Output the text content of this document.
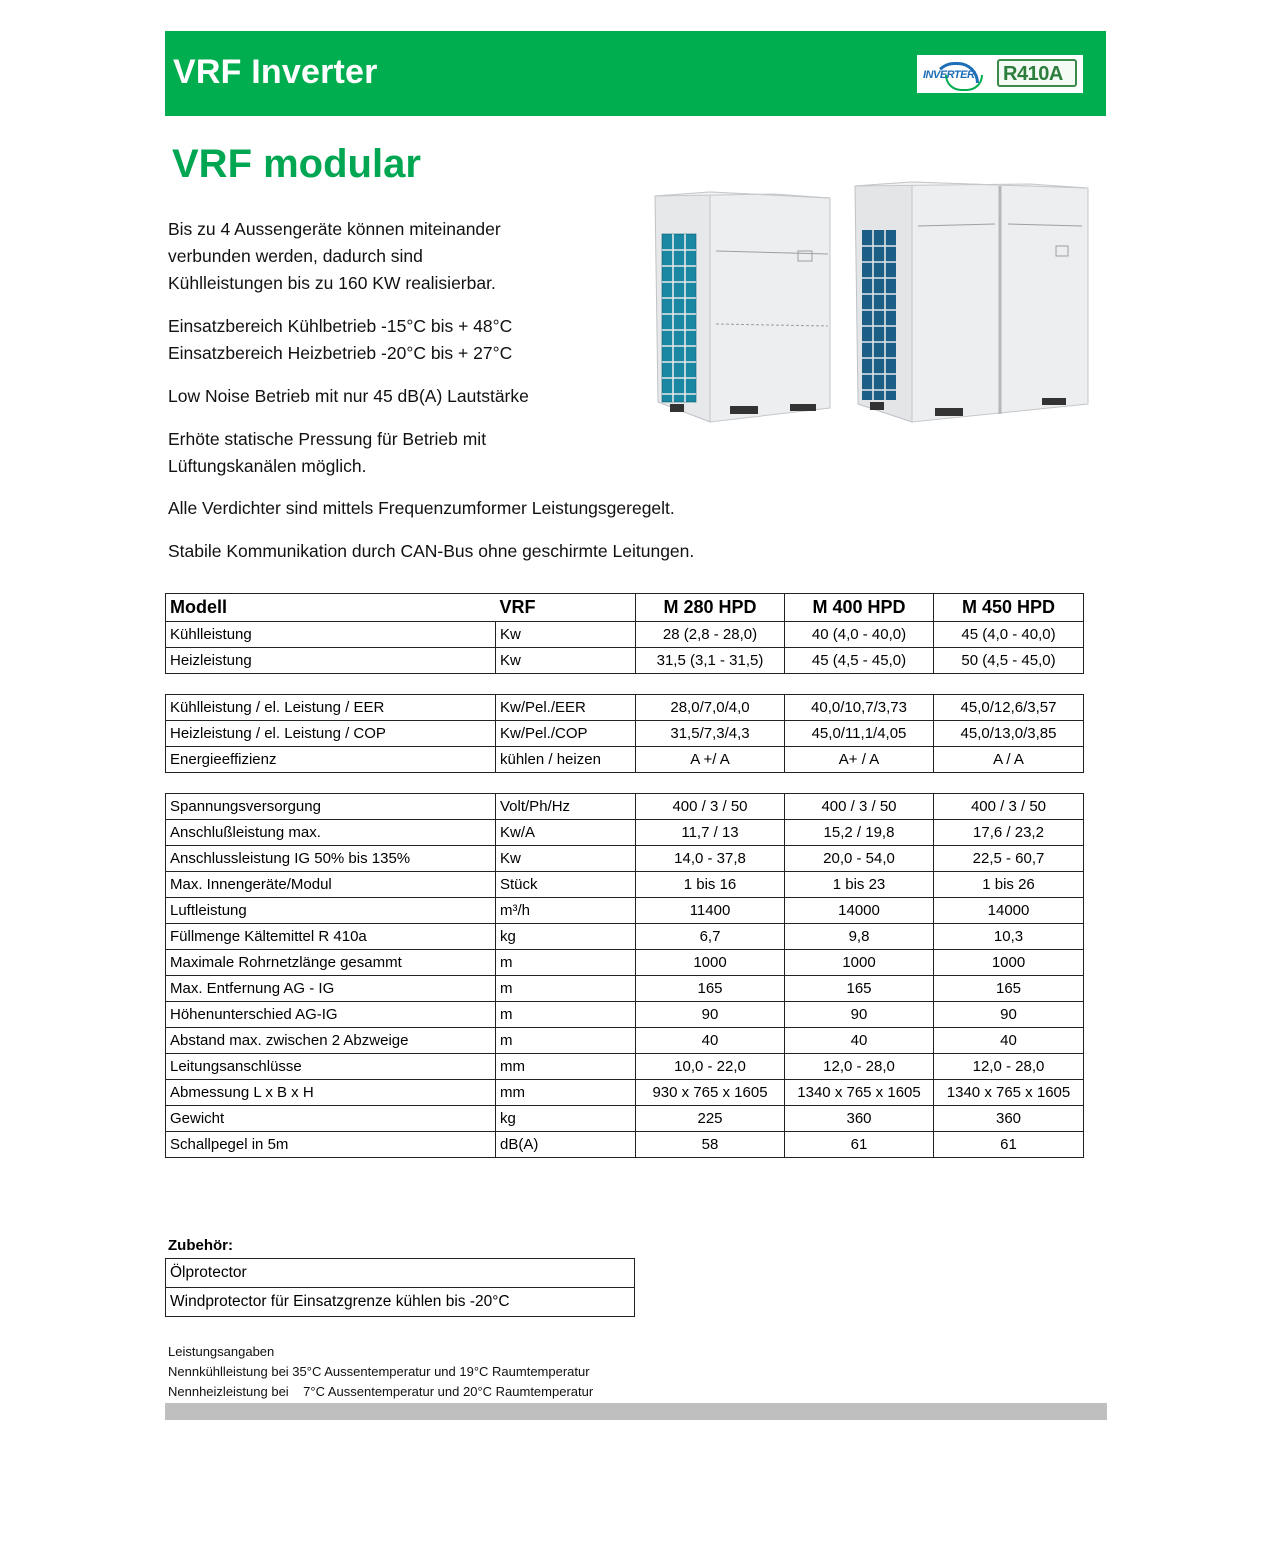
VRF Inverter	INVERTER R410A
VRF modular

Bis zu 4 Aussengeräte können miteinander

verbunden werden, dadurch sind

Kühlleistungen bis zu 160 KW realisierbar.

Einsatzbereich Kühlbetrieb -15°C bis + 48°C

Einsatzbereich Heizbetrieb -20°C bis + 27°C

Low Noise Betrieb mit nur 45 dB(A) Lautstärke

Erhöte statische Pressung für Betrieb mit

Lüftungskanälen möglich.

Alle Verdichter sind mittels Frequenzumformer Leistungsgeregelt.

Stabile Kommunikation durch CAN-Bus ohne geschirmte Leitungen.

Modell	VRF	M 280 HPD	M 400 HPD	M 450 HPD
Kühlleistung	Kw	28 (2,8 - 28,0)	40 (4,0 - 40,0)	45 (4,0 - 40,0)
Heizleistung	Kw	31,5 (3,1 - 31,5)	45 (4,5 - 45,0)	50 (4,5 - 45,0)
Kühlleistung / el. Leistung / EER	Kw/Pel./EER	28,0/7,0/4,0	40,0/10,7/3,73	45,0/12,6/3,57
Heizleistung / el. Leistung / COP	Kw/Pel./COP	31,5/7,3/4,3	45,0/11,1/4,05	45,0/13,0/3,85
Energieeffizienz	kühlen / heizen	A +/ A	A+ / A	A / A
Spannungsversorgung	Volt/Ph/Hz	400 / 3 / 50	400 / 3 / 50	400 / 3 / 50
Anschlußleistung max.	Kw/A	11,7 / 13	15,2 / 19,8	17,6 / 23,2
Anschlussleistung IG 50% bis 135%	Kw	14,0 - 37,8	20,0 - 54,0	22,5 - 60,7
Max. Innengeräte/Modul	Stück	1 bis 16	1 bis 23	1 bis 26
Luftleistung	m³/h	11400	14000	14000
Füllmenge Kältemittel R 410a	kg	6,7	9,8	10,3
Maximale Rohrnetzlänge gesammt	m	1000	1000	1000
Max. Entfernung AG - IG	m	165	165	165
Höhenunterschied AG-IG	m	90	90	90
Abstand max. zwischen 2 Abzweige	m	40	40	40
Leitungsanschlüsse	mm	10,0 - 22,0	12,0 - 28,0	12,0 - 28,0
Abmessung L x B x H	mm	930 x 765 x 1605	1340 x 765 x 1605	1340 x 765 x 1605
Gewicht	kg	225	360	360
Schallpegel in 5m	dB(A)	58	61	61
Zubehör:
Ölprotector
Windprotector für Einsatzgrenze kühlen bis -20°C
Leistungsangaben
Nennkühlleistung bei 35°C Aussentemperatur und 19°C Raumtemperatur
Nennheizleistung bei    7°C Aussentemperatur und 20°C Raumtemperatur
